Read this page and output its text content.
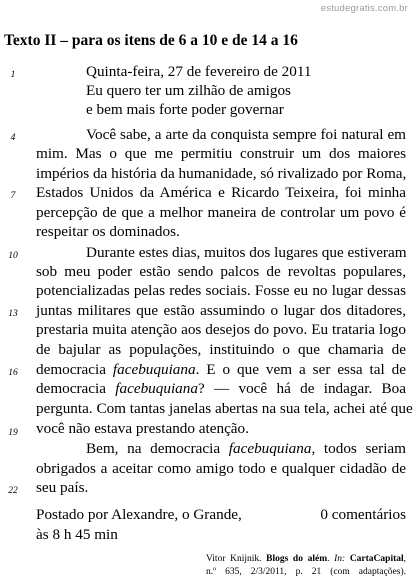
estudegratis.com.br
Texto II – para os itens de 6 a 10 e de 14 a 16
1
4
7
10
13
16
19
22
Quinta-feira, 27 de fevereiro de 2011
Eu quero ter um zilhão de amigos
e bem mais forte poder governar
Você sabe, a arte da conquista sempre foi natural em
mim. Mas o que me permitiu construir um dos maiores
impérios da história da humanidade, só rivalizado por Roma,
Estados Unidos da América e Ricardo Teixeira, foi minha
percepção de que a melhor maneira de controlar um povo é
respeitar os dominados.
Durante estes dias, muitos dos lugares que estiveram
sob meu poder estão sendo palcos de revoltas populares,
potencializadas pelas redes sociais. Fosse eu no lugar dessas
juntas militares que estão assumindo o lugar dos ditadores,
prestaria muita atenção aos desejos do povo. Eu trataria logo
de bajular as populações, instituindo o que chamaria de
democracia facebuquiana. E o que vem a ser essa tal de
democracia facebuquiana? — você há de indagar. Boa
pergunta. Com tantas janelas abertas na sua tela, achei até que
você não estava prestando atenção.
Bem, na democracia facebuquiana, todos seriam
obrigados a aceitar como amigo todo e qualquer cidadão de
seu país.
Postado por Alexandre, o Grande,	0 comentários
às 8 h 45 min
Vitor Knijnik. Blogs do além. In: CartaCapital,
n.º 635, 2/3/2011, p. 21 (com adaptações).
